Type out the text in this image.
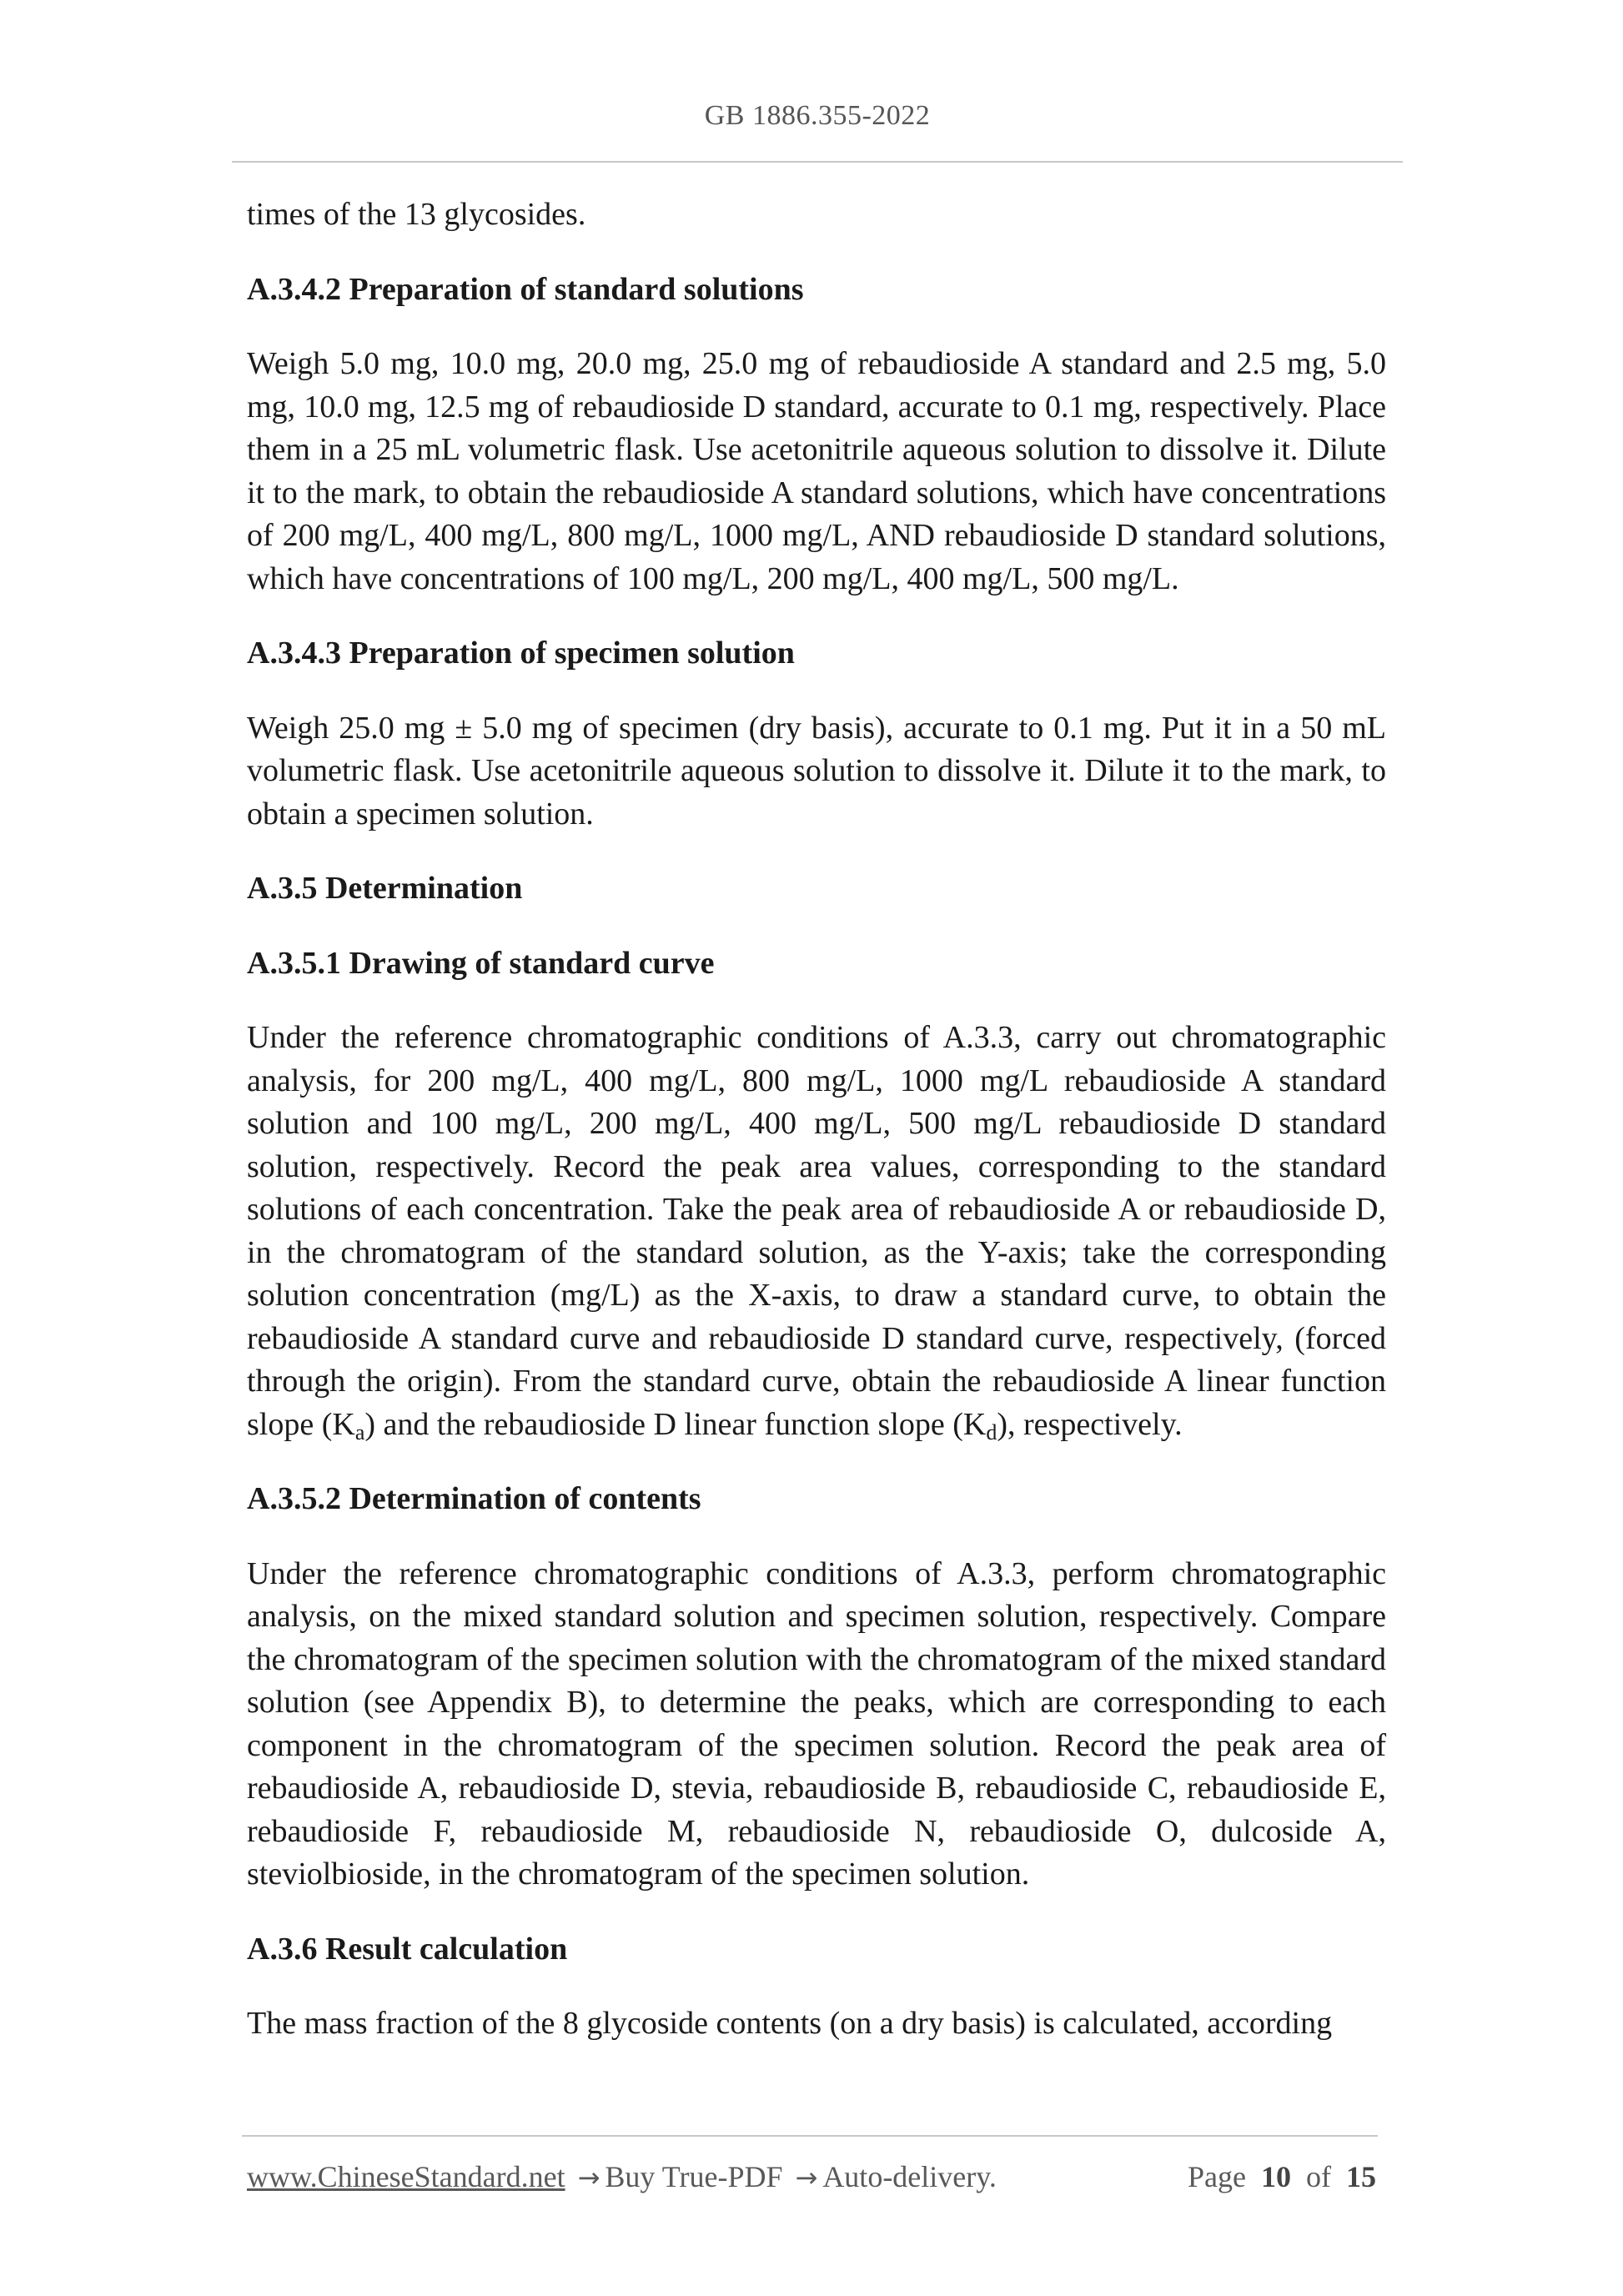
GB 1886.355-2022

times of the 13 glycosides.

A.3.4.2 Preparation of standard solutions

Weigh 5.0 mg, 10.0 mg, 20.0 mg, 25.0 mg of rebaudioside A standard and 2.5 mg, 5.0 mg, 10.0 mg, 12.5 mg of rebaudioside D standard, accurate to 0.1 mg, respectively. Place them in a 25 mL volumetric flask. Use acetonitrile aqueous solution to dissolve it. Dilute it to the mark, to obtain the rebaudioside A standard solutions, which have concentrations of 200 mg/L, 400 mg/L, 800 mg/L, 1000 mg/L, AND rebaudioside D standard solutions, which have concentrations of 100 mg/L, 200 mg/L, 400 mg/L, 500 mg/L.

A.3.4.3 Preparation of specimen solution

Weigh 25.0 mg ± 5.0 mg of specimen (dry basis), accurate to 0.1 mg. Put it in a 50 mL volumetric flask. Use acetonitrile aqueous solution to dissolve it. Dilute it to the mark, to obtain a specimen solution.

A.3.5 Determination
A.3.5.1 Drawing of standard curve

Under the reference chromatographic conditions of A.3.3, carry out chromatographic analysis, for 200 mg/L, 400 mg/L, 800 mg/L, 1000 mg/L rebaudioside A standard solution and 100 mg/L, 200 mg/L, 400 mg/L, 500 mg/L rebaudioside D standard solution, respectively. Record the peak area values, corresponding to the standard solutions of each concentration. Take the peak area of rebaudioside A or rebaudioside D, in the chromatogram of the standard solution, as the Y-axis; take the corresponding solution concentration (mg/L) as the X-axis, to draw a standard curve, to obtain the rebaudioside A standard curve and rebaudioside D standard curve, respectively, (forced through the origin). From the standard curve, obtain the rebaudioside A linear function slope $(K_a)$ and the rebaudioside D linear function slope $(K_d)$, respectively.

A.3.5.2 Determination of contents

Under the reference chromatographic conditions of A.3.3, perform chromatographic analysis, on the mixed standard solution and specimen solution, respectively. Compare the chromatogram of the specimen solution with the chromatogram of the mixed standard solution (see Appendix B), to determine the peaks, which are corresponding to each component in the chromatogram of the specimen solution. Record the peak area of rebaudioside A, rebaudioside D, stevia, rebaudioside B, rebaudioside C, rebaudioside E, rebaudioside F, rebaudioside M, rebaudioside N, rebaudioside O, dulcoside A, steviolbioside, in the chromatogram of the specimen solution.

A.3.6 Result calculation

The mass fraction of the 8 glycoside contents (on a dry basis) is calculated, according

www.ChineseStandard.net → Buy True-PDF → Auto-delivery.	Page 10 of 15
